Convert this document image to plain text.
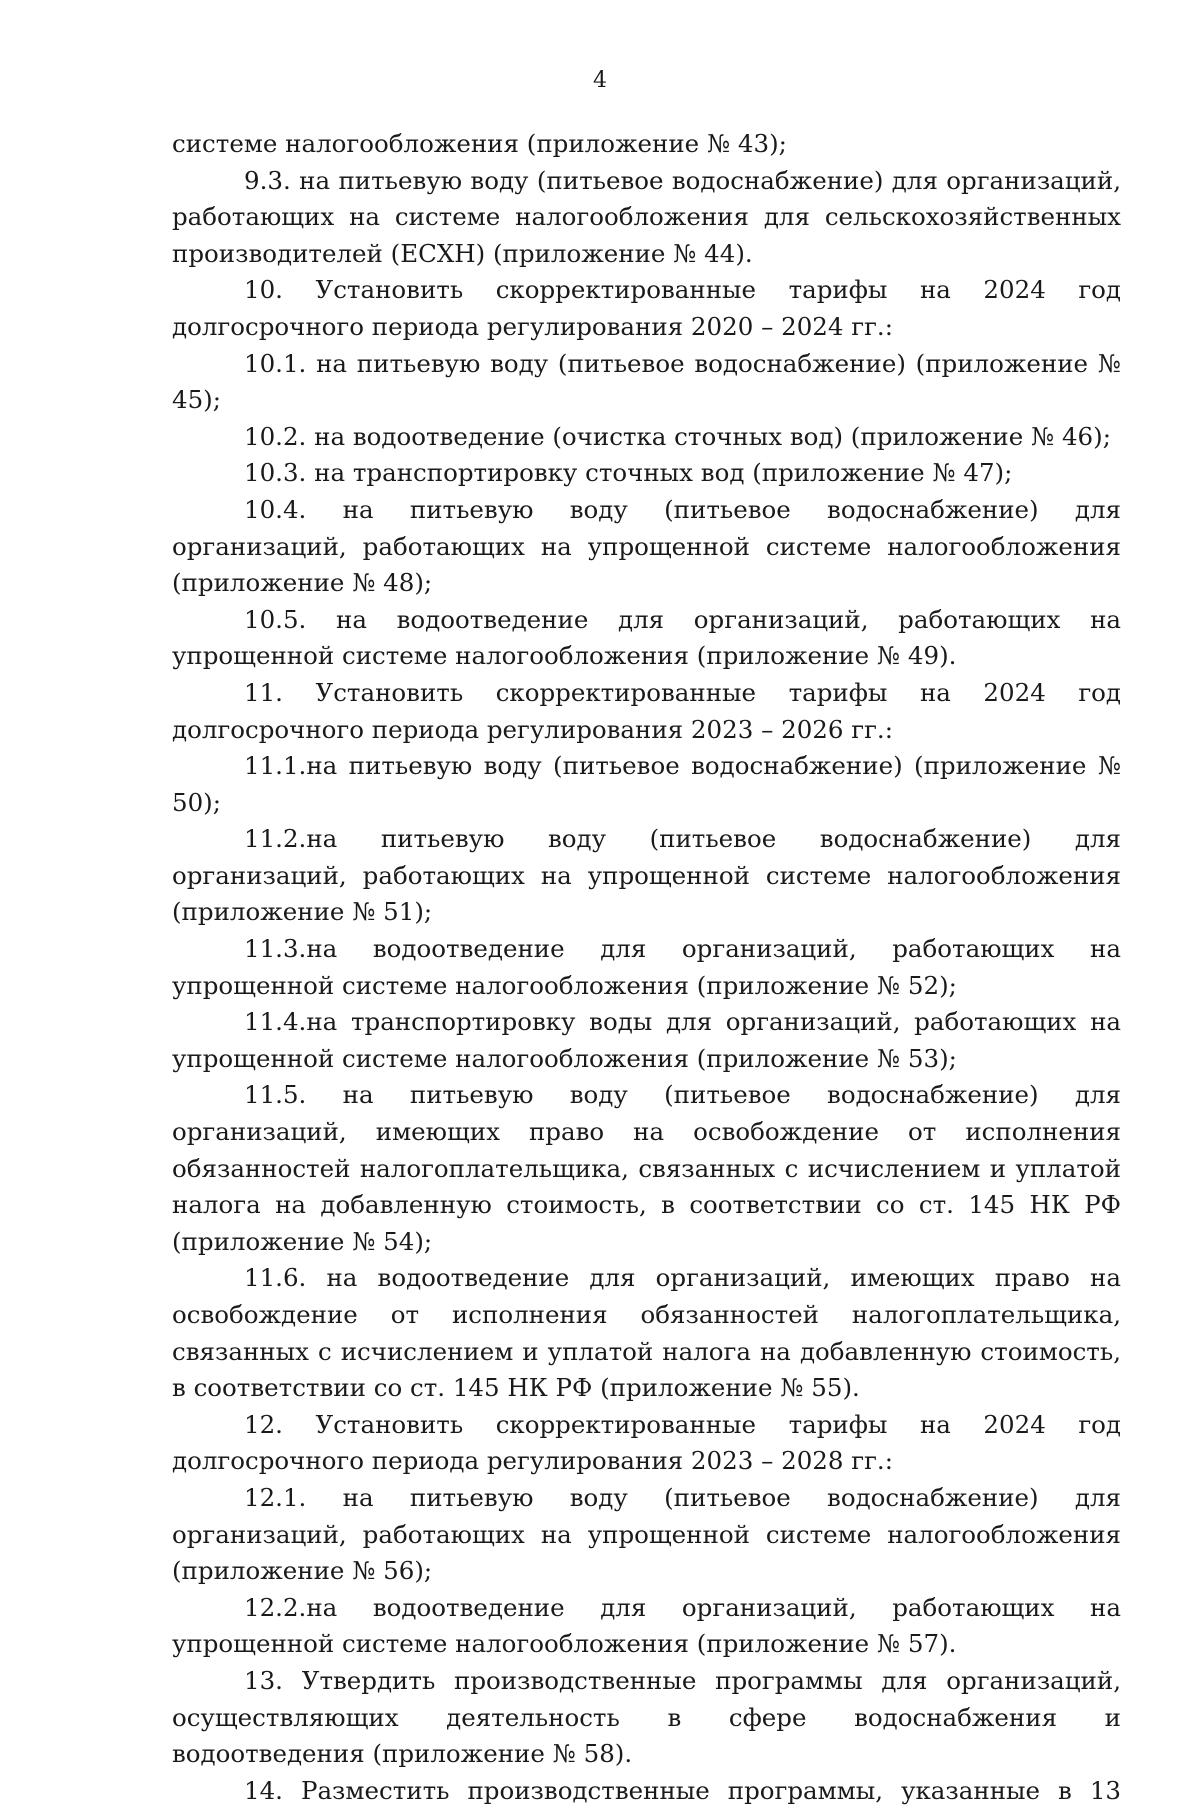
4

системе налогообложения (приложение № 43);

9.3. на питьевую воду (питьевое водоснабжение) для организаций, работающих на системе налогообложения для сельскохозяйственных производителей (ЕСХН) (приложение № 44).

10. Установить скорректированные тарифы на 2024 год долгосрочного периода регулирования 2020 – 2024 гг.:

10.1. на питьевую воду (питьевое водоснабжение) (приложение № 45);

10.2. на водоотведение (очистка сточных вод) (приложение № 46);

10.3. на транспортировку сточных вод (приложение № 47);

10.4. на питьевую воду (питьевое водоснабжение) для организаций, работающих на упрощенной системе налогообложения (приложение № 48);

10.5. на водоотведение для организаций, работающих на упрощенной системе налогообложения (приложение № 49).

11. Установить скорректированные тарифы на 2024 год долгосрочного периода регулирования 2023 – 2026 гг.:

11.1.на питьевую воду (питьевое водоснабжение) (приложение № 50);

11.2.на питьевую воду (питьевое водоснабжение) для организаций, работающих на упрощенной системе налогообложения (приложение № 51);

11.3.на водоотведение для организаций, работающих на упрощенной системе налогообложения (приложение № 52);

11.4.на транспортировку воды для организаций, работающих на упрощенной системе налогообложения (приложение № 53);

11.5. на питьевую воду (питьевое водоснабжение) для организаций, имеющих право на освобождение от исполнения обязанностей налогоплательщика, связанных с исчислением и уплатой налога на добавленную стоимость, в соответствии со ст. 145 НК РФ (приложение № 54);

11.6. на водоотведение для организаций, имеющих право на освобождение от исполнения обязанностей налогоплательщика, связанных с исчислением и уплатой налога на добавленную стоимость, в соответствии со ст. 145 НК РФ (приложение № 55).

12. Установить скорректированные тарифы на 2024 год долгосрочного периода регулирования 2023 – 2028 гг.:

12.1. на питьевую воду (питьевое водоснабжение) для организаций, работающих на упрощенной системе налогообложения (приложение № 56);

12.2.на водоотведение для организаций, работающих на упрощенной системе налогообложения (приложение № 57).

13. Утвердить производственные программы для организаций, осуществляющих деятельность в сфере водоснабжения и водоотведения (приложение № 58).

14. Разместить производственные программы, указанные в 13
